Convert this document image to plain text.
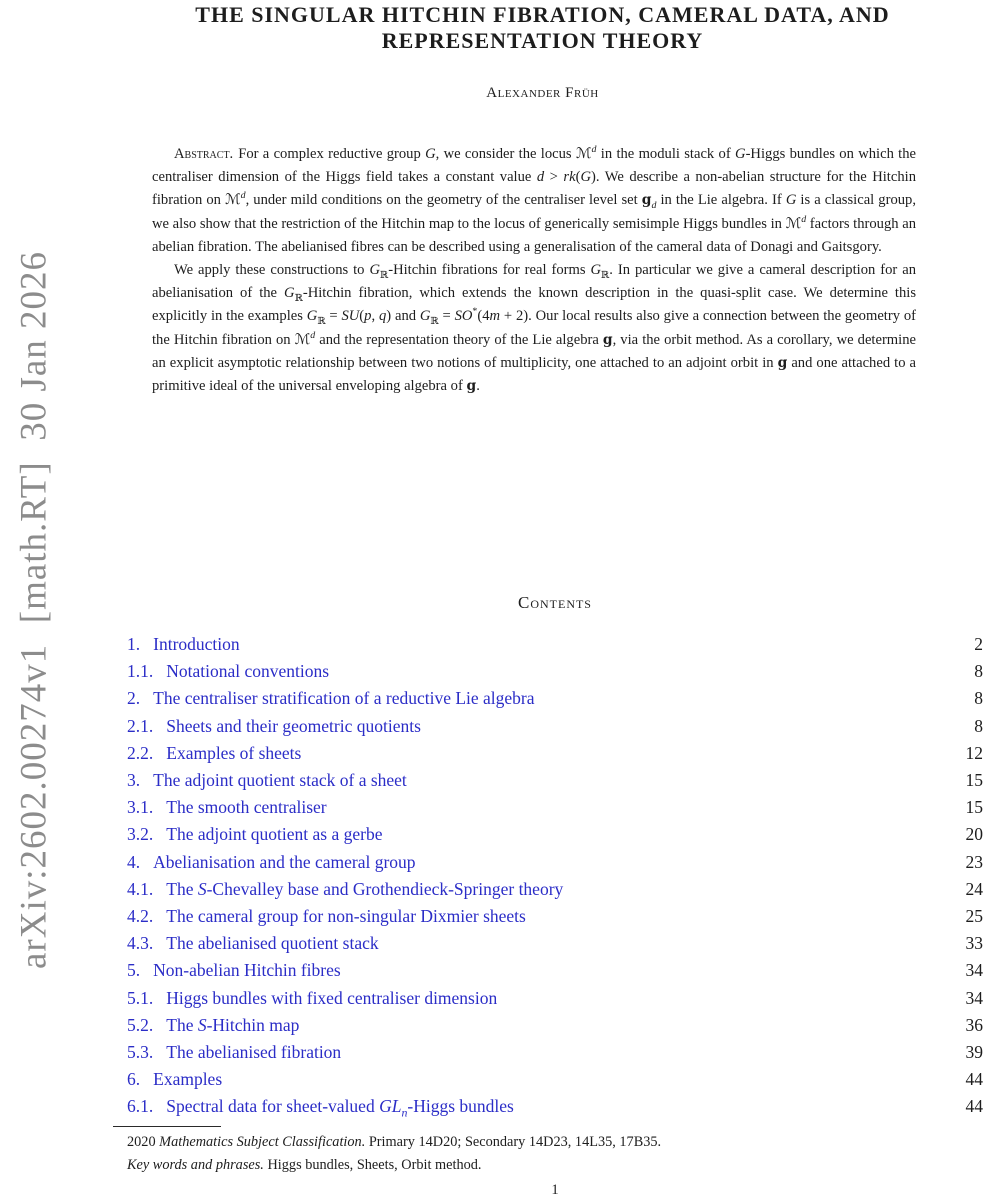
arXiv:2602.00274v1  [math.RT]  30 Jan 2026
THE SINGULAR HITCHIN FIBRATION, CAMERAL DATA, AND
REPRESENTATION THEORY
Alexander Früh

Abstract. For a complex reductive group G, we consider the locus ℳ$^d$ in the moduli stack of G-Higgs bundles on which the centraliser dimension of the Higgs field takes a constant value d > rk(G). We describe a non-abelian structure for the Hitchin fibration on ℳ$^d$, under mild conditions on the geometry of the centraliser level set $g_d$ in the Lie algebra. If G is a classical group, we also show that the restriction of the Hitchin map to the locus of generically semisimple Higgs bundles in ℳ$^d$ factors through an abelian fibration. The abelianised fibres can be described using a generalisation of the cameral data of Donagi and Gaitsgory.

We apply these constructions to $G_ℝ$-Hitchin fibrations for real forms $G_ℝ$. In particular we give a cameral description for an abelianisation of the $G_ℝ$-Hitchin fibration, which extends the known description in the quasi-split case. We determine this explicitly in the examples $G_ℝ = SU(p$, q) and $G_ℝ = SO^*(4m + 2)$. Our local results also give a connection between the geometry of the Hitchin fibration on ℳ$^d$ and the representation theory of the Lie algebra g, via the orbit method. As a corollary, we determine an explicit asymptotic relationship between two notions of multiplicity, one attached to an adjoint orbit in g and one attached to a primitive ideal of the universal enveloping algebra of g.

Contents
1. Introduction	2
1.1. Notational conventions	8
2. The centraliser stratification of a reductive Lie algebra	8
2.1. Sheets and their geometric quotients	8
2.2. Examples of sheets	12
3. The adjoint quotient stack of a sheet	15
3.1. The smooth centraliser	15
3.2. The adjoint quotient as a gerbe	20
4. Abelianisation and the cameral group	23
4.1. The S-Chevalley base and Grothendieck-Springer theory	24
4.2. The cameral group for non-singular Dixmier sheets	25
4.3. The abelianised quotient stack	33
5. Non-abelian Hitchin fibres	34
5.1. Higgs bundles with fixed centraliser dimension	34
5.2. The S-Hitchin map	36
5.3. The abelianised fibration	39
6. Examples	44
6.1. Spectral data for sheet-valued $GL_n$-Higgs bundles	44
2020 Mathematics Subject Classification. Primary 14D20; Secondary 14D23, 14L35, 17B35.
Key words and phrases. Higgs bundles, Sheets, Orbit method.
1
